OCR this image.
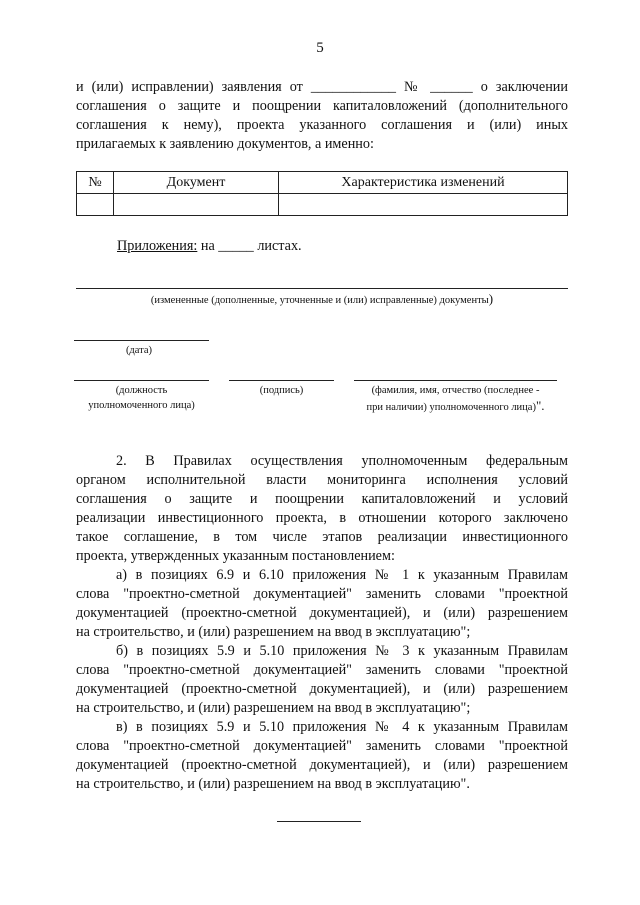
5
и (или) исправлении) заявления от ____________ № ______ о заключении
соглашения о защите и поощрении капиталовложений (дополнительного
соглашения к нему), проекта указанного соглашения и (или) иных
прилагаемых к заявлению документов, а именно:
№	Документ	Характеристика изменений

Приложения: на _____ листах.
(измененные (дополненные, уточненные и (или) исправленные) документы)
(дата)
(должность
уполномоченного лица)
(подпись)	(фамилия, имя, отчество (последнее -
при наличии) уполномоченного лица)".
2. В Правилах осуществления уполномоченным федеральным
органом исполнительной власти мониторинга исполнения условий
соглашения о защите и поощрении капиталовложений и условий
реализации инвестиционного проекта, в отношении которого заключено
такое соглашение, в том числе этапов реализации инвестиционного
проекта, утвержденных указанным постановлением:
а) в позициях 6.9 и 6.10 приложения № 1 к указанным Правилам
слова "проектно-сметной документацией" заменить словами "проектной
документацией (проектно-сметной документацией), и (или) разрешением
на строительство, и (или) разрешением на ввод в эксплуатацию";
б) в позициях 5.9 и 5.10 приложения № 3 к указанным Правилам
слова "проектно-сметной документацией" заменить словами "проектной
документацией (проектно-сметной документацией), и (или) разрешением
на строительство, и (или) разрешением на ввод в эксплуатацию";
в) в позициях 5.9 и 5.10 приложения № 4 к указанным Правилам
слова "проектно-сметной документацией" заменить словами "проектной
документацией (проектно-сметной документацией), и (или) разрешением
на строительство, и (или) разрешением на ввод в эксплуатацию".
